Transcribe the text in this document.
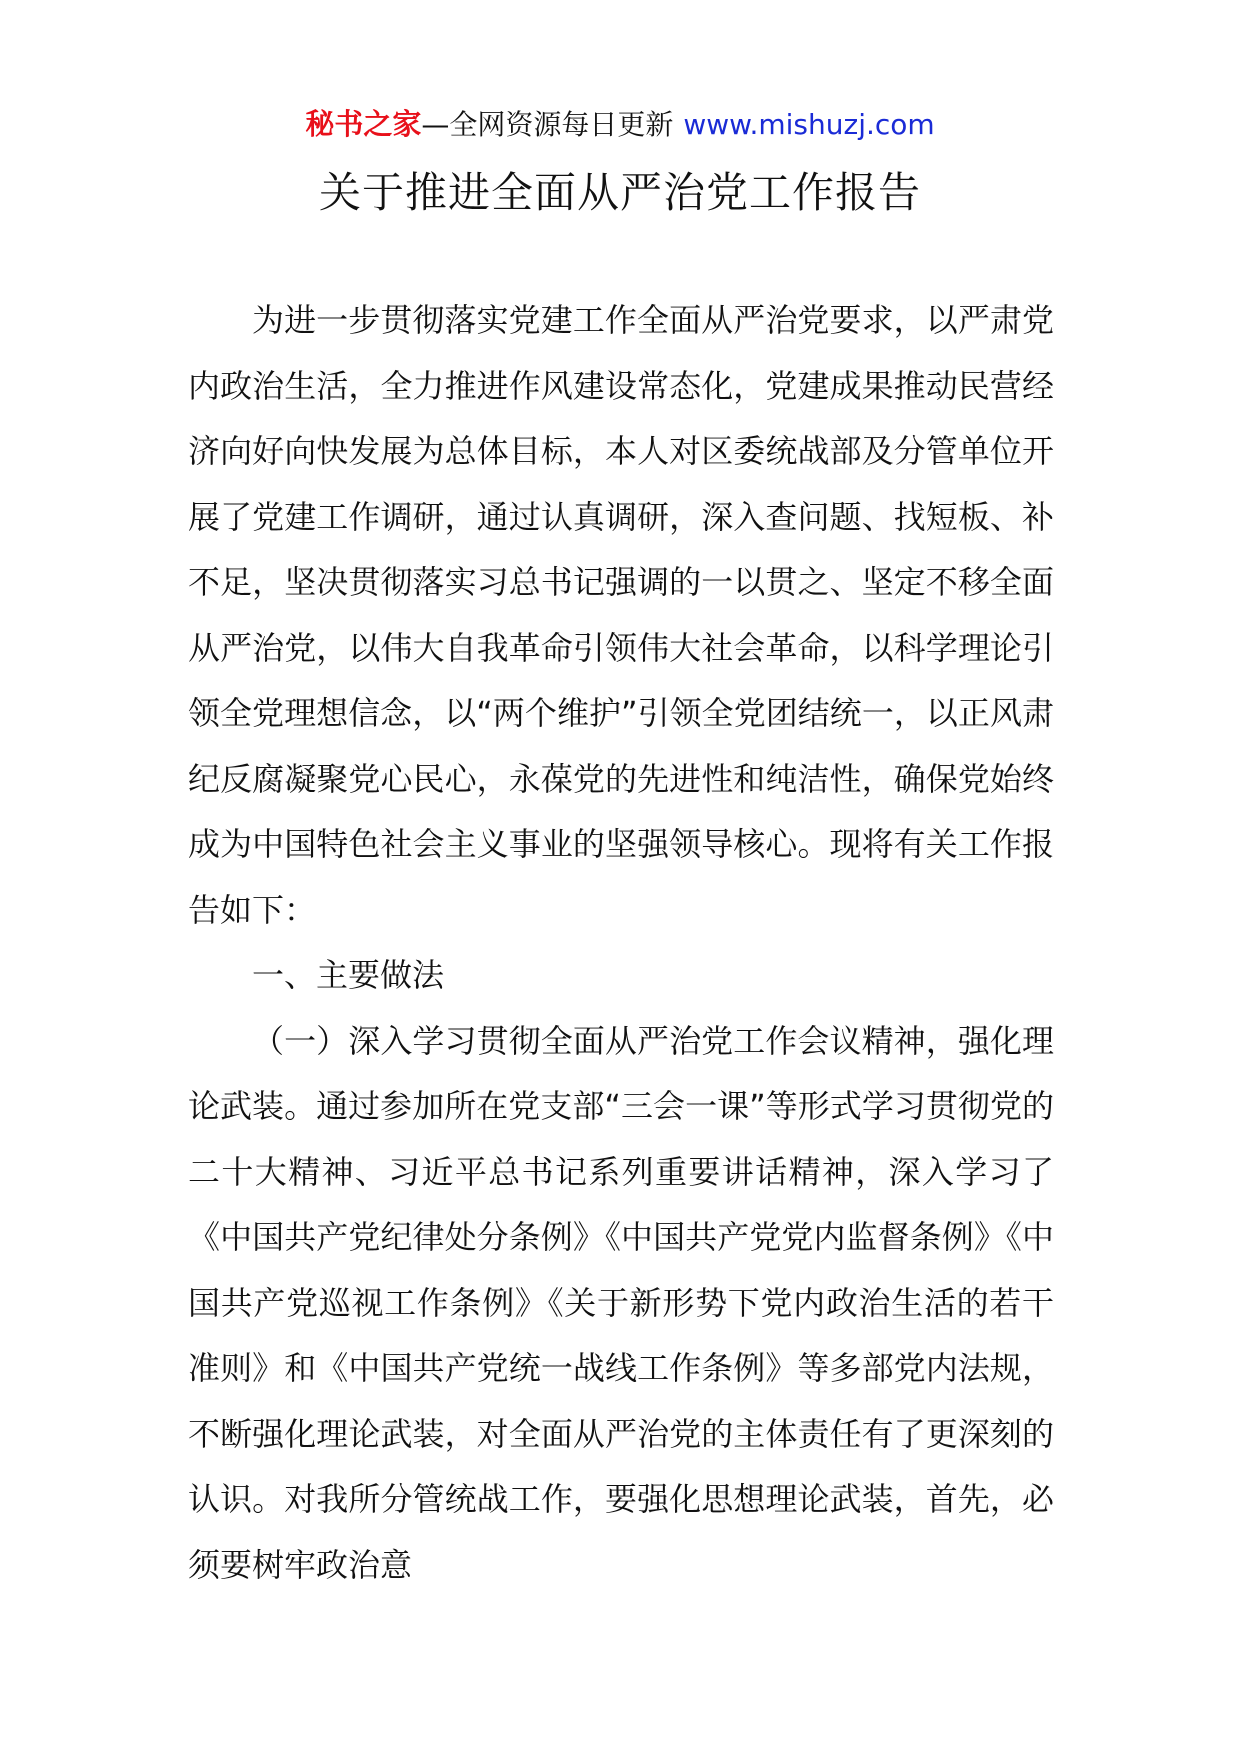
秘书之家—全网资源每日更新 www.mishuzj.com
关于推进全面从严治党工作报告

为进一步贯彻落实党建工作全面从严治党要求，以严肃党内政治生活，全力推进作风建设常态化，党建成果推动民营经济向好向快发展为总体目标，本人对区委统战部及分管单位开展了党建工作调研，通过认真调研，深入查问题、找短板、补不足，坚决贯彻落实习总书记强调的一以贯之、坚定不移全面从严治党，以伟大自我革命引领伟大社会革命，以科学理论引领全党理想信念，以“两个维护”引领全党团结统一，以正风肃纪反腐凝聚党心民心，永葆党的先进性和纯洁性，确保党始终成为中国特色社会主义事业的坚强领导核心。现将有关工作报告如下：

一、主要做法

（一）深入学习贯彻全面从严治党工作会议精神，强化理论武装。通过参加所在党支部“三会一课”等形式学习贯彻党的二十大精神、习近平总书记系列重要讲话精神，深入学习了《中国共产党纪律处分条例》《中国共产党党内监督条例》《中国共产党巡视工作条例》《关于新形势下党内政治生活的若干准则》和《中国共产党统一战线工作条例》等多部党内法规，不断强化理论武装，对全面从严治党的主体责任有了更深刻的认识。对我所分管统战工作，要强化思想理论武装，首先，必须要树牢政治意
